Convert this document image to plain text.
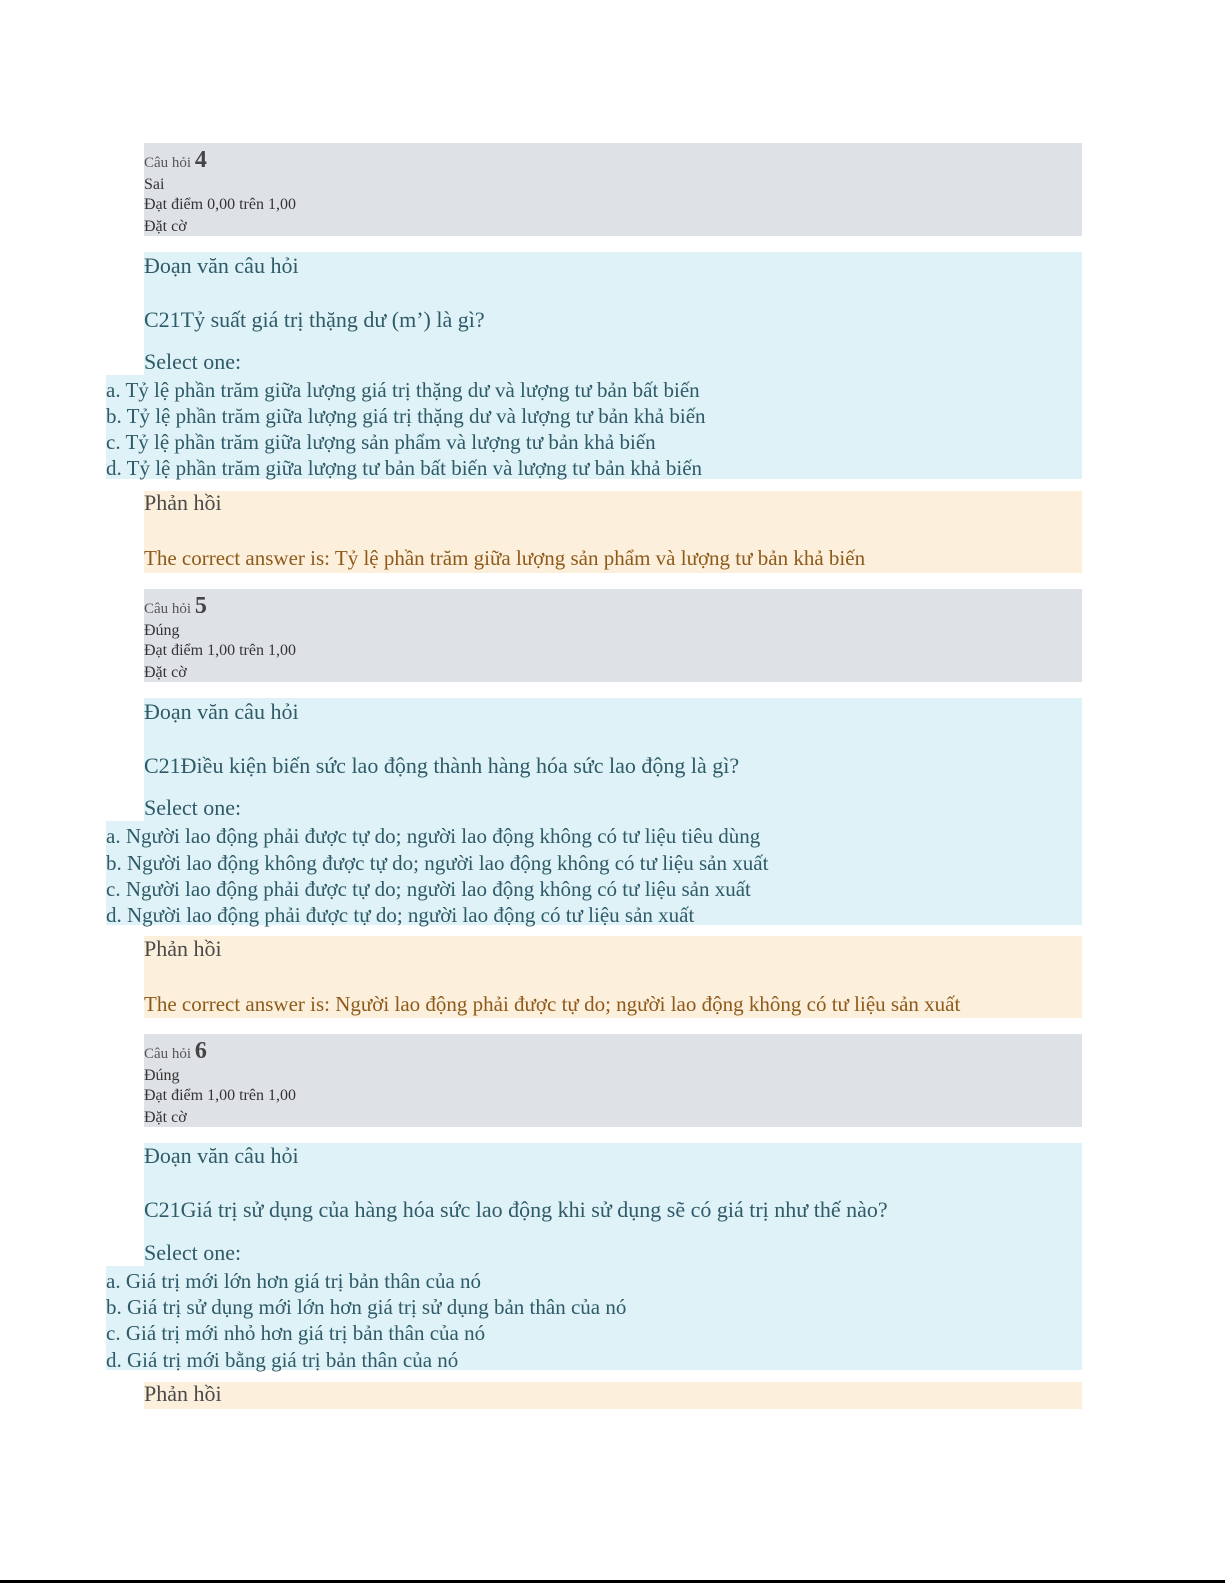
Câu hỏi 4
Sai
Đạt điểm 0,00 trên 1,00
Đặt cờ
Đoạn văn câu hỏi
C21Tỷ suất giá trị thặng dư (m’) là gì?
Select one:
a. Tỷ lệ phần trăm giữa lượng giá trị thặng dư và lượng tư bản bất biến
b. Tỷ lệ phần trăm giữa lượng giá trị thặng dư và lượng tư bản khả biến
c. Tỷ lệ phần trăm giữa lượng sản phẩm và lượng tư bản khả biến
d. Tỷ lệ phần trăm giữa lượng tư bản bất biến và lượng tư bản khả biến
Phản hồi
The correct answer is: Tỷ lệ phần trăm giữa lượng sản phẩm và lượng tư bản khả biến
Câu hỏi 5
Đúng
Đạt điểm 1,00 trên 1,00
Đặt cờ
Đoạn văn câu hỏi
C21Điều kiện biến sức lao động thành hàng hóa sức lao động là gì?
Select one:
a. Người lao động phải được tự do; người lao động không có tư liệu tiêu dùng
b. Người lao động không được tự do; người lao động không có tư liệu sản xuất
c. Người lao động phải được tự do; người lao động không có tư liệu sản xuất
d. Người lao động phải được tự do; người lao động có tư liệu sản xuất
Phản hồi
The correct answer is: Người lao động phải được tự do; người lao động không có tư liệu sản xuất
Câu hỏi 6
Đúng
Đạt điểm 1,00 trên 1,00
Đặt cờ
Đoạn văn câu hỏi
C21Giá trị sử dụng của hàng hóa sức lao động khi sử dụng sẽ có giá trị như thế nào?
Select one:
a. Giá trị mới lớn hơn giá trị bản thân của nó
b. Giá trị sử dụng mới lớn hơn giá trị sử dụng bản thân của nó
c. Giá trị mới nhỏ hơn giá trị bản thân của nó
d. Giá trị mới bằng giá trị bản thân của nó
Phản hồi
